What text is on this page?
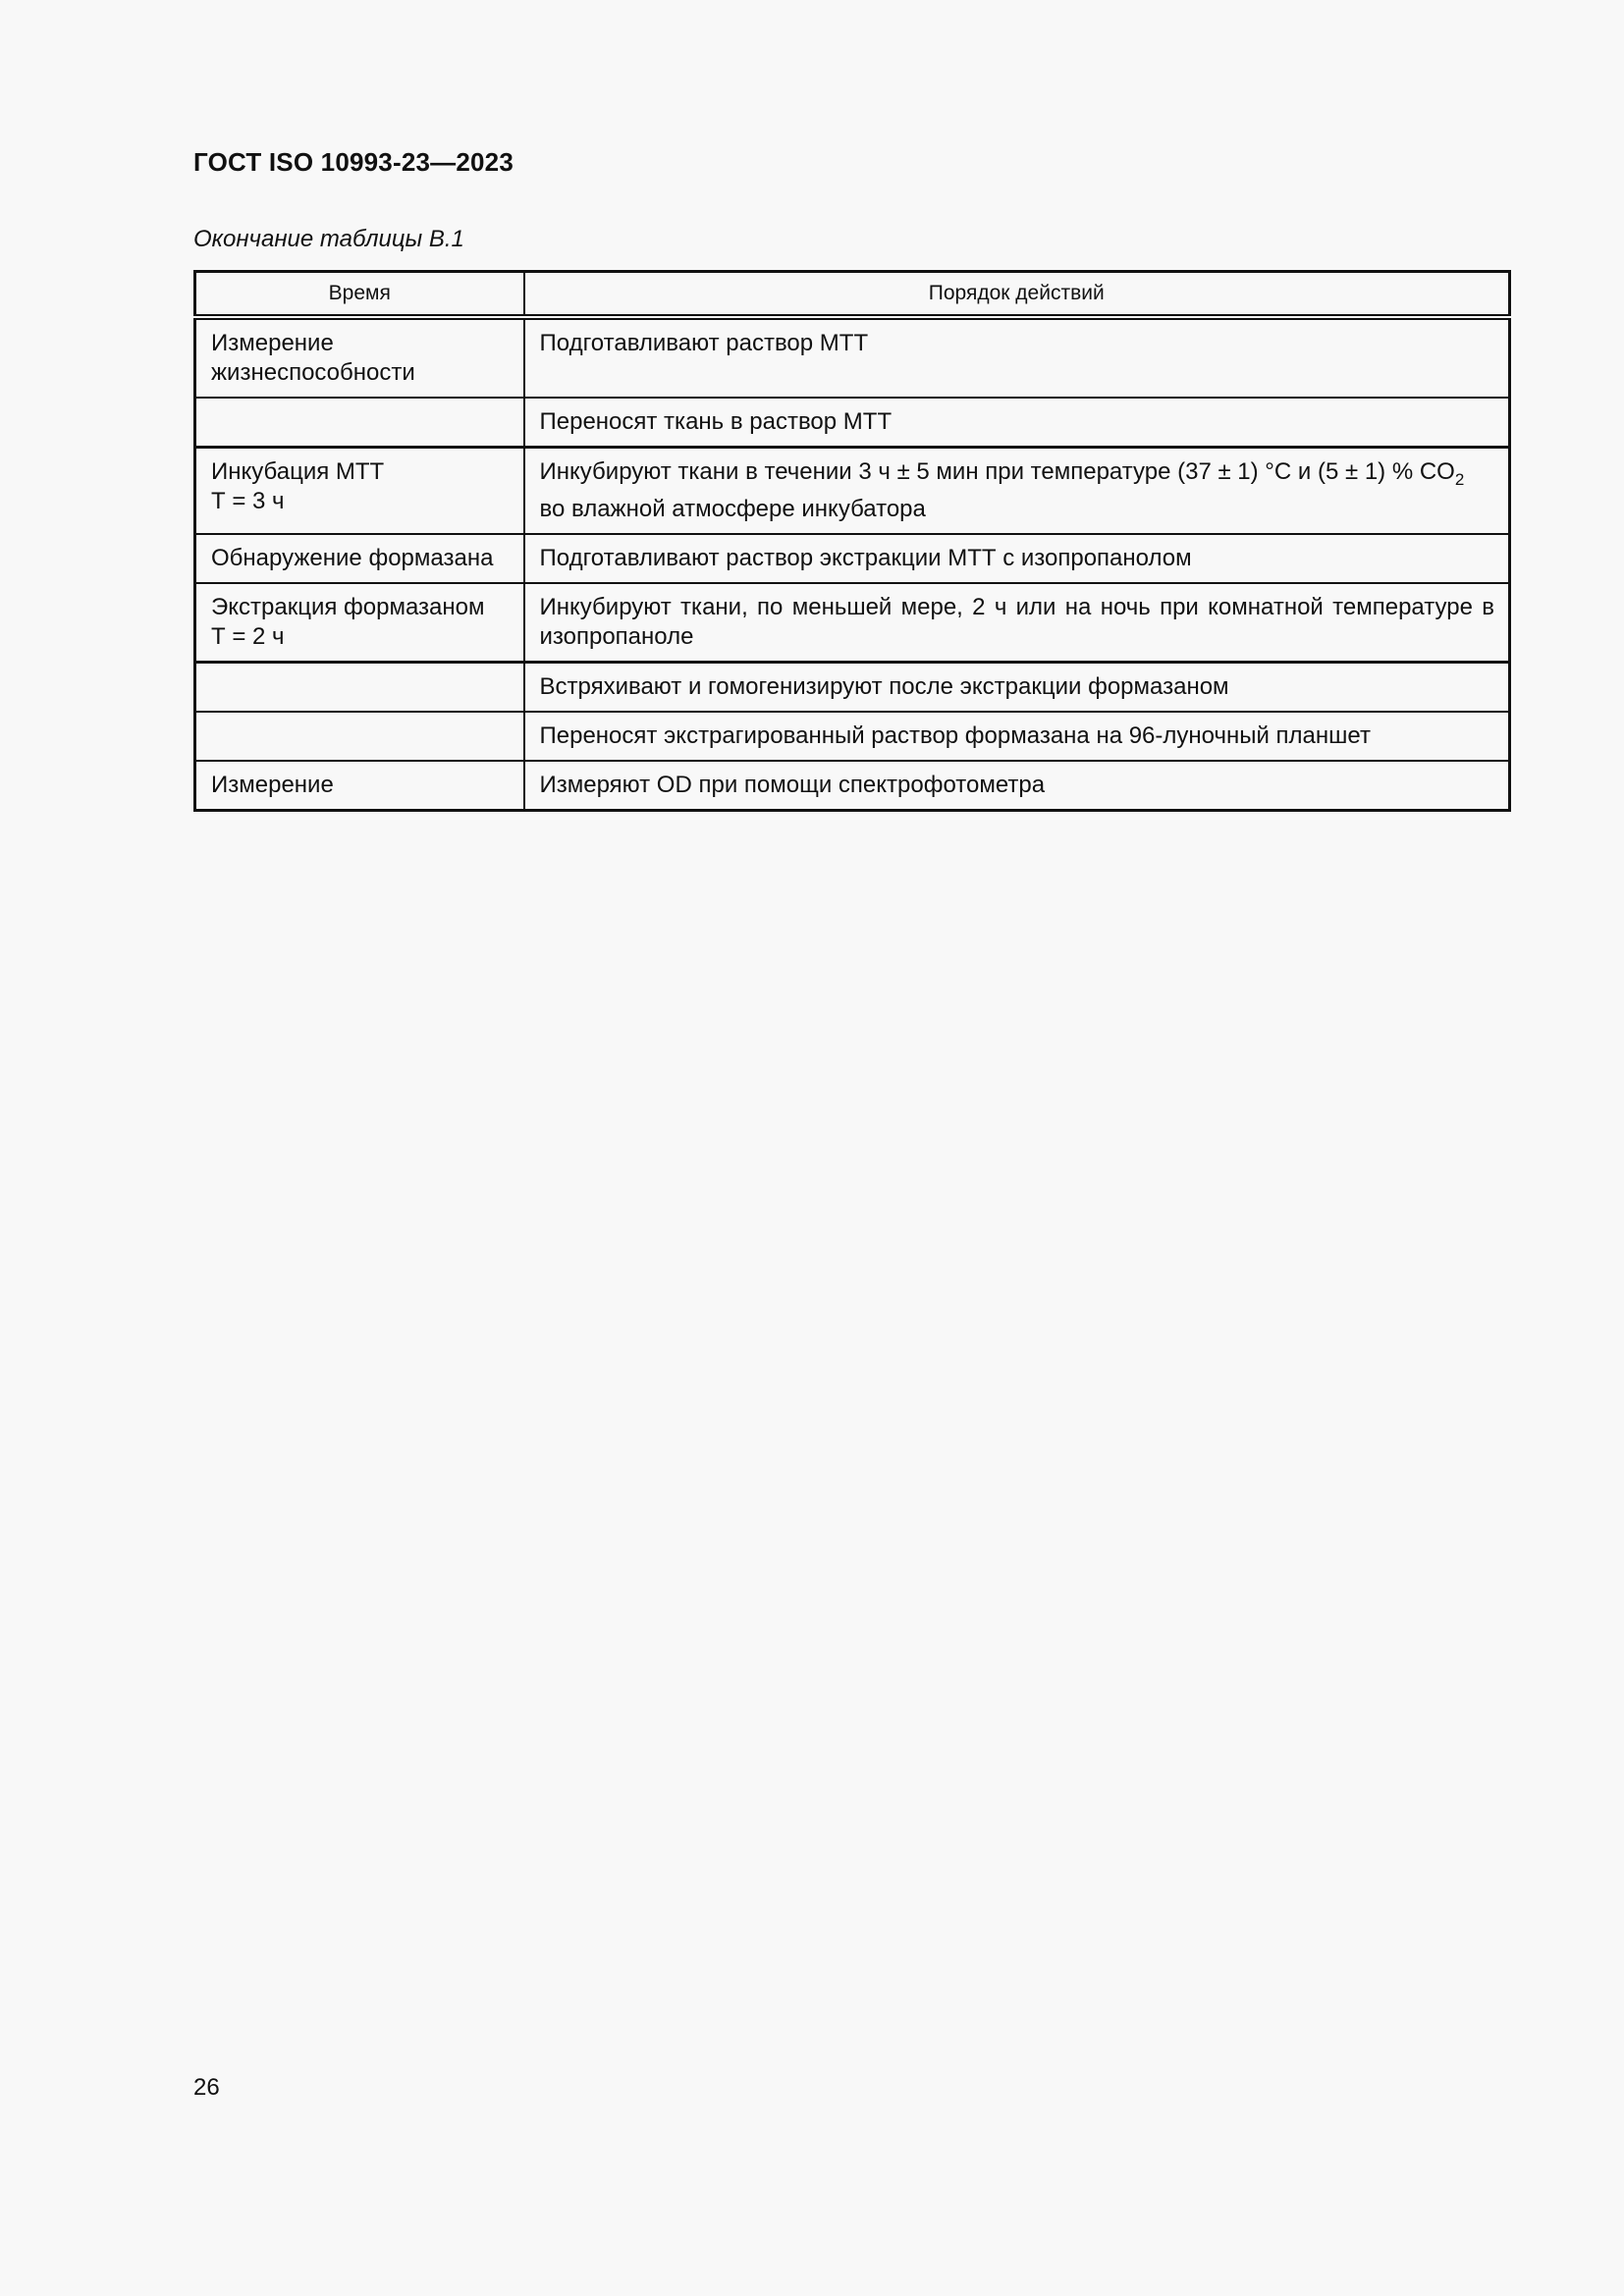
ГОСТ ISO 10993-23—2023
Окончание таблицы В.1
Время	Порядок действий
Измерение
жизнеспособности	Подготавливают раствор МТТ
	Переносят ткань в раствор МТТ
Инкубация МТТ
Т = 3 ч	Инкубируют ткани в течении 3 ч ± 5 мин при температуре (37 ± 1) °С и (5 ± 1) % $CO_2$
во влажной атмосфере инкубатора
Обнаружение формазана	Подготавливают раствор экстракции МТТ с изопропанолом
Экстракция формазаном
Т = 2 ч	Инкубируют ткани, по меньшей мере, 2 ч или на ночь при комнатной температуре в изопропаноле
	Встряхивают и гомогенизируют после экстракции формазаном
	Переносят экстрагированный раствор формазана на 96-луночный планшет
Измерение	Измеряют OD при помощи спектрофотометра
26
